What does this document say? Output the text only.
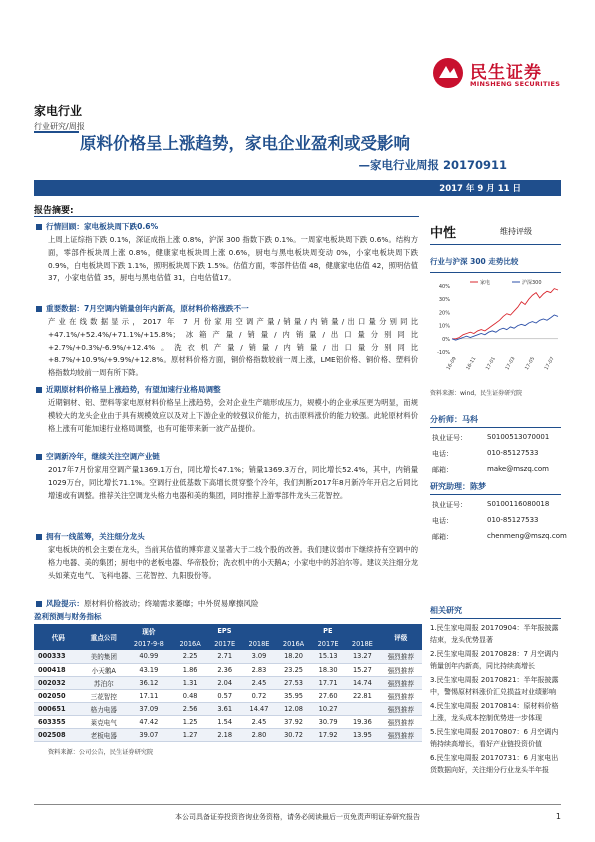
民生证券
MINSHENG SECURITIES
家电行业
行业研究/周报
原料价格呈上涨趋势，家电企业盈利或受影响
—家电行业周报 20170911
2017 年 9 月 11 日
报告摘要:
行情回顾：家电板块周下跌0.6%
上周上证综指下跌 0.1%，深证成指上涨 0.8%，沪深 300 指数下跌 0.1%。一周家电板块周下跌 0.6%。结构方面，零部件板块周上涨 0.8%，健康家电板块周上涨 0.6%，厨电与黑电板块周变动 0%，小家电板块周下跌 0.9%，白电板块周下跌 1.1%，照明板块周下跌 1.5%。估值方面，零部件估值 48，健康家电估值 42，照明估值 37，小家电估值 35，厨电与黑电估值 31，白电估值17。
重要数据：7月空调内销量创年内新高，原材料价格涨跌不一
产业在线数据显示，2017 年 7 月份家用空调产量/销量/内销量/出口量分别同比 +47.1%/+52.4%/+71.1%/+15.8%；冰箱产量/销量/内销量/出口量分别同比 +2.7%/+0.3%/-6.9%/+12.4%。洗衣机产量/销量/内销量/出口量分别同比 +8.7%/+10.9%/+9.9%/+12.8%。原材料价格方面，铜价格指数较前一周上涨，LME铝价格、铜价格、塑料价格指数均较前一周有所下降。
近期原材料价格呈上涨趋势，有望加速行业格局调整
近期铜材、铝、塑料等家电原材料价格呈上涨趋势，会对企业生产端形成压力，规模小的企业承压更为明显，而规模较大的龙头企业由于具有规模效应以及对上下游企业的较强议价能力，抗击原料涨价的能力较强。此轮原材料价格上涨有可能加速行业格局调整，也有可能带来新一波产品提价。
空调新冷年，继续关注空调产业链
2017年7月份家用空调产量1369.1万台，同比增长47.1%；销量1369.3万台，同比增长52.4%，其中，内销量1029万台，同比增长71.1%。空调行业低基数下高增长贯穿整个冷年，我们判断2017年8月新冷年开启之后同比增速或有调整。推荐关注空调龙头格力电器和美的集团，同时推荐上游零部件龙头三花智控。
拥有一线蓝筹，关注细分龙头
家电板块的机会主要在龙头，当前其估值的博弈意义显著大于二线个股的改善。我们建议弱市下继续持有空调中的格力电器、美的集团；厨电中的老板电器、华帝股份；洗衣机中的小天鹅A；小家电中的苏泊尔等。建议关注细分龙头如莱克电气、飞科电器、三花智控、九阳股份等。
风险提示：原材料价格波动；终端需求萎靡；中外贸易摩擦风险
中性	维持评级
行业与沪深 300 走势比较
40%
30%
20%
10%
0%
-10%
16-09 16-11 17-01 17-03 17-05 17-07
家电	沪深300
资料来源：wind，民生证券研究院
分析师：马科
执业证号：	S0100513070001
电话：	010-85127533
邮箱：	make@mszq.com
研究助理：陈梦
执业证号：	S0100116080018
电话：	010-85127533
邮箱：	chenmeng@mszq.com
相关研究
1.民生家电周报 20170904：半年报披露结束，龙头优势显著
2.民生家电周报 20170828：7 月空调内销量创年内新高，同比持续高增长
3.民生家电周报 20170821：半年报披露中，警惕原材料涨价汇兑损益对业绩影响
4.民生家电周报 20170814：原材料价格上涨，龙头成本控制优势进一步体现
5.民生家电周报 20170807：6 月空调内销持续高增长，看好产业链投资价值
6.民生家电周报 20170731：6 月家电出货数据向好，关注细分行业龙头半年报
盈利预测与财务指标
代码	重点公司	现价	EPS			PE			评级
		2017-9-8	2016A	2017E	2018E	2016A	2017E	2018E	
000333	美的集团	40.99	2.25	2.71	3.09	18.20	15.13	13.27	强烈推荐
000418	小天鹅A	43.19	1.86	2.36	2.83	23.25	18.30	15.27	强烈推荐
002032	苏泊尔	36.12	1.31	2.04	2.45	27.53	17.71	14.74	强烈推荐
002050	三花智控	17.11	0.48	0.57	0.72	35.95	27.60	22.81	强烈推荐
000651	格力电器	37.09	2.56	3.61	14.47	12.08	10.27		强烈推荐
603355	莱克电气	47.42	1.25	1.54	2.45	37.92	30.79	19.36	强烈推荐
002508	老板电器	39.07	1.27	2.18	2.80	30.72	17.92	13.95	强烈推荐
资料来源：公司公告，民生证券研究院
本公司具备证券投资咨询业务资格，请务必阅读最后一页免责声明证券研究报告	1
